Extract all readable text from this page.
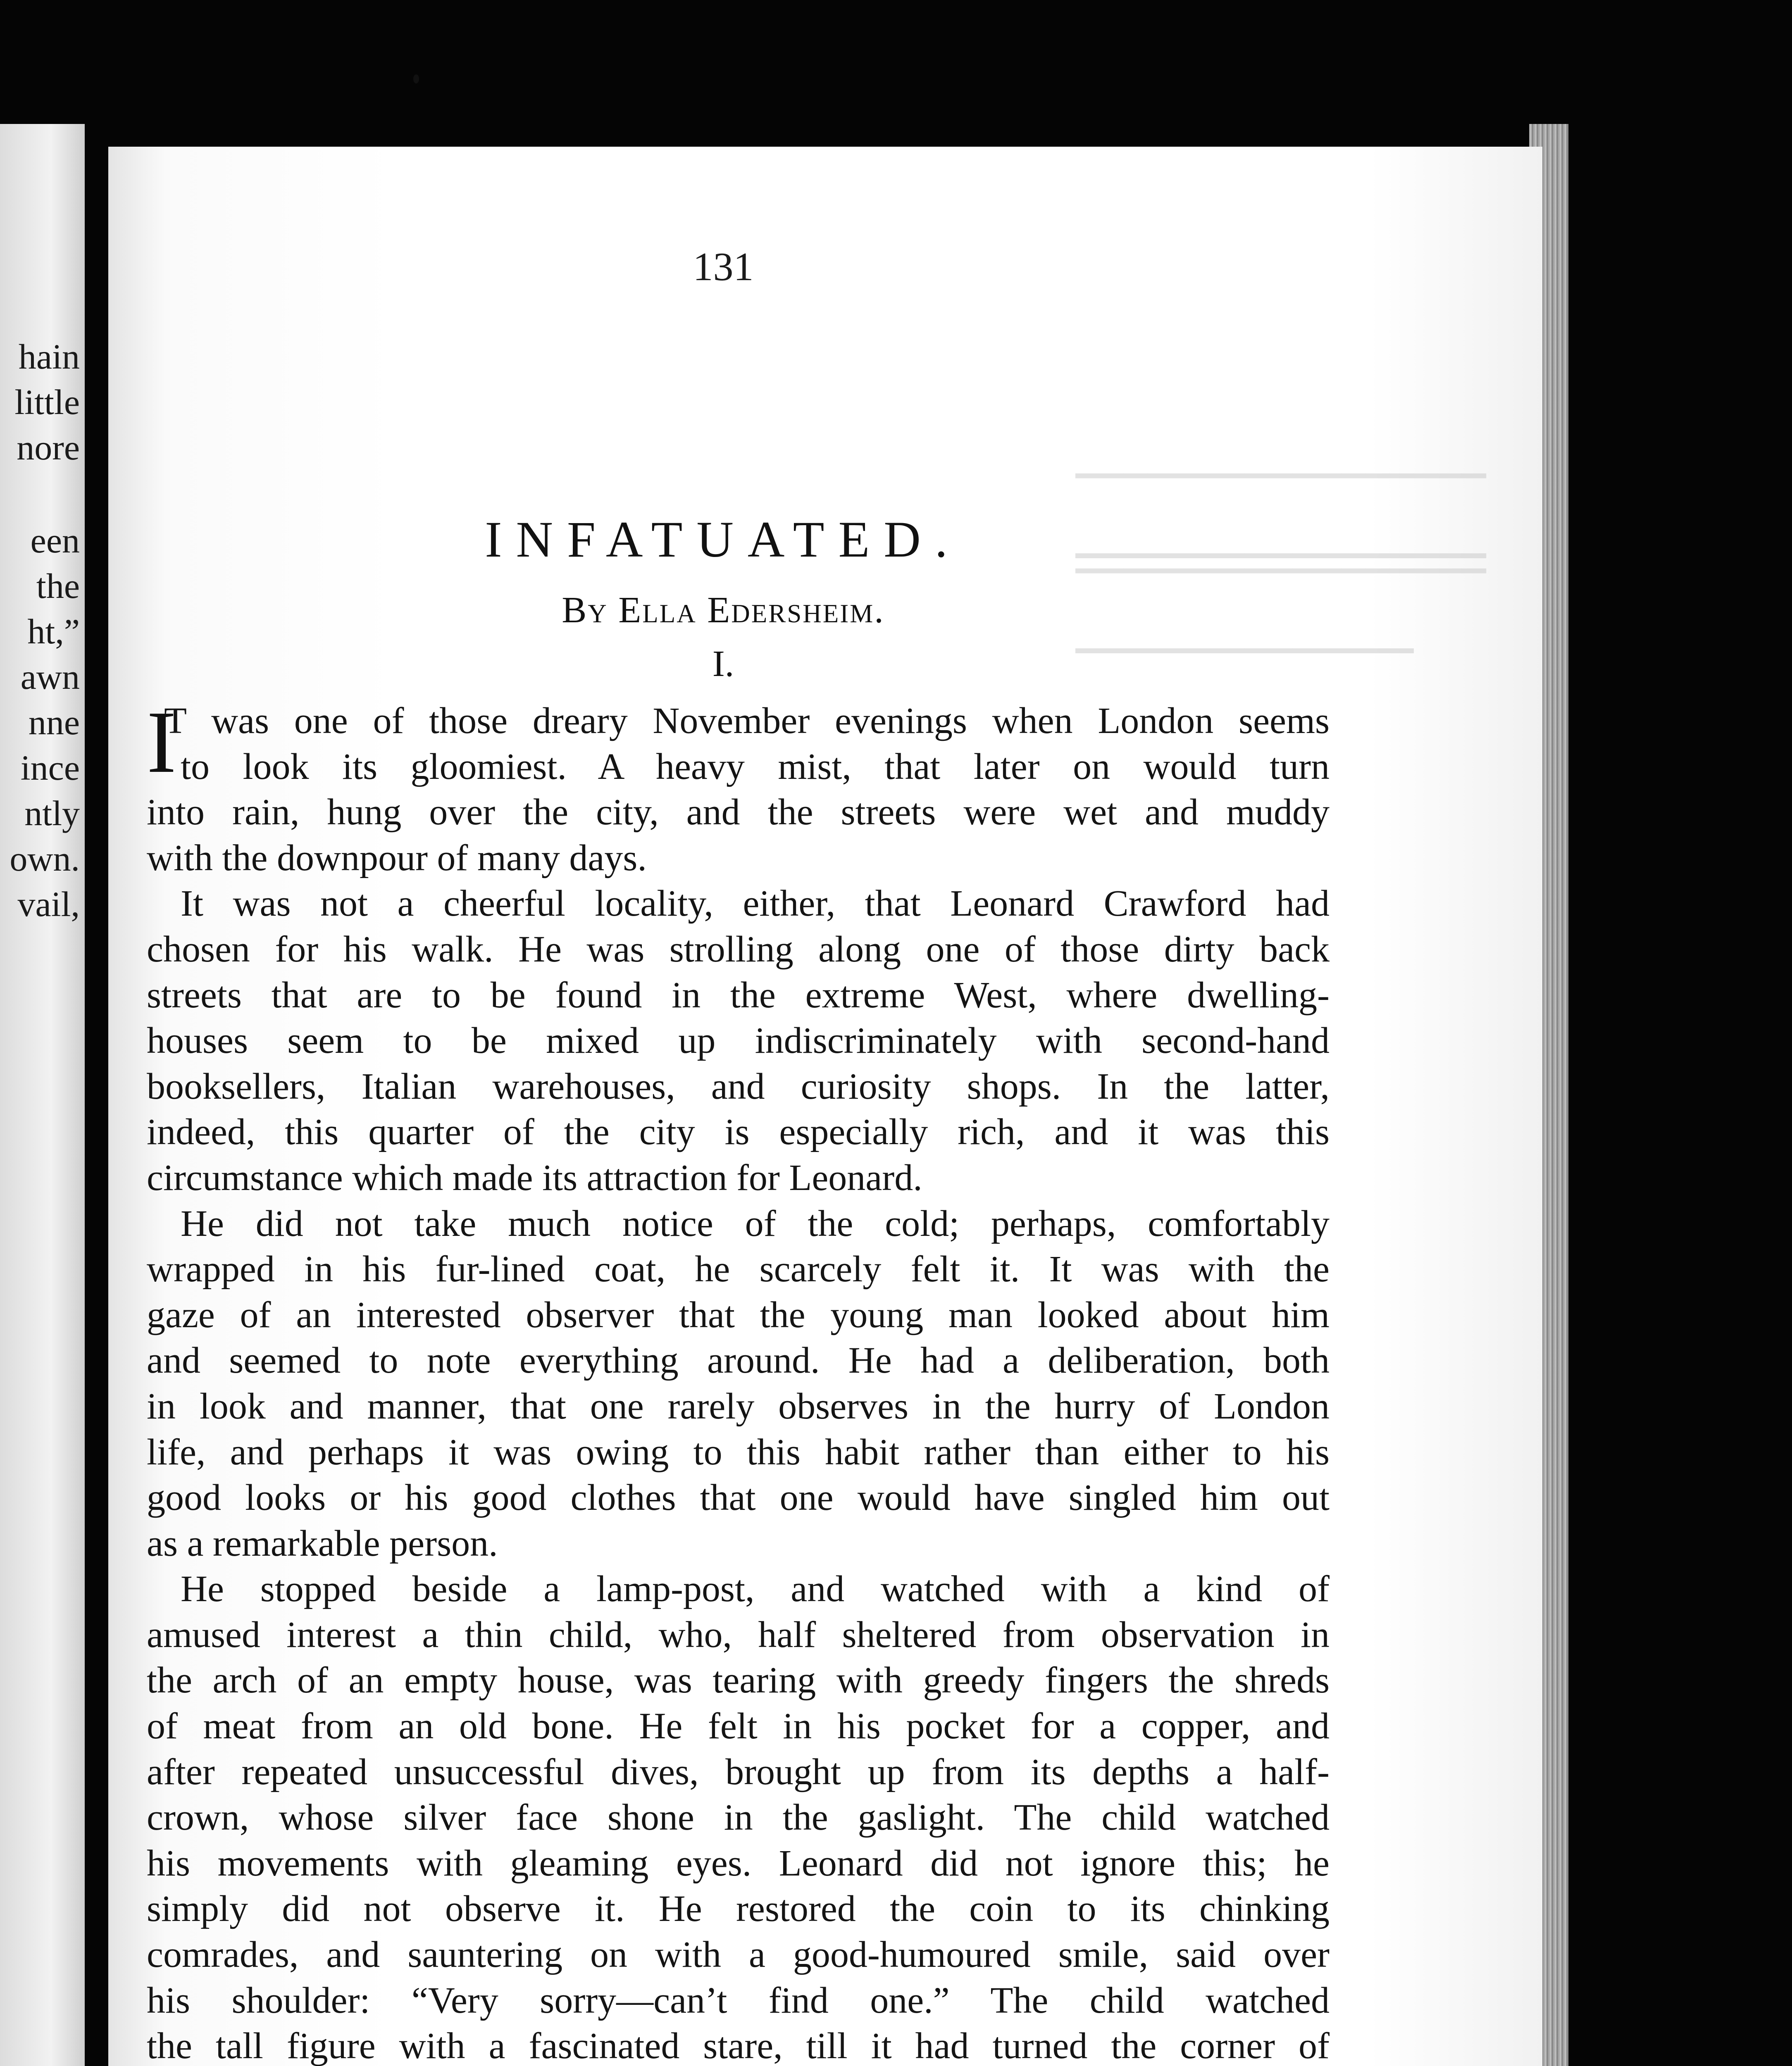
hain
little
nore
een
the
ht,”
awn
nne
ince
ntly
own.
vail,
▔▔▔▔▔▔▔▔▔▔▔▔▔▔▔▔▔
▁▁▁▁▁▁▁▁▁▁▁▁▁▁▁▁▁
▔▔▔▔▔▔▔▔▔▔▔▔▔▔▔▔▔
▁▁▁▁▁▁▁▁▁▁▁▁▁▁
131
INFATUATED.
By Ella Edersheim.
I.
I
T was one of those dreary November evenings when London seems
to look its gloomiest. A heavy mist, that later on would turn
into rain, hung over the city, and the streets were wet and muddy
with the downpour of many days.
It was not a cheerful locality, either, that Leonard Crawford had
chosen for his walk. He was strolling along one of those dirty back
streets that are to be found in the extreme West, where dwelling-
houses seem to be mixed up indiscriminately with second-hand
booksellers, Italian warehouses, and curiosity shops. In the latter,
indeed, this quarter of the city is especially rich, and it was this
circumstance which made its attraction for Leonard.
He did not take much notice of the cold; perhaps, comfortably
wrapped in his fur-lined coat, he scarcely felt it. It was with the
gaze of an interested observer that the young man looked about him
and seemed to note everything around. He had a deliberation, both
in look and manner, that one rarely observes in the hurry of London
life, and perhaps it was owing to this habit rather than either to his
good looks or his good clothes that one would have singled him out
as a remarkable person.
He stopped beside a lamp-post, and watched with a kind of
amused interest a thin child, who, half sheltered from observation in
the arch of an empty house, was tearing with greedy fingers the shreds
of meat from an old bone. He felt in his pocket for a copper, and
after repeated unsuccessful dives, brought up from its depths a half-
crown, whose silver face shone in the gaslight. The child watched
his movements with gleaming eyes. Leonard did not ignore this; he
simply did not observe it. He restored the coin to its chinking
comrades, and sauntering on with a good-humoured smile, said over
his shoulder: “Very sorry—can’t find one.” The child watched
the tall figure with a fascinated stare, till it had turned the corner of
